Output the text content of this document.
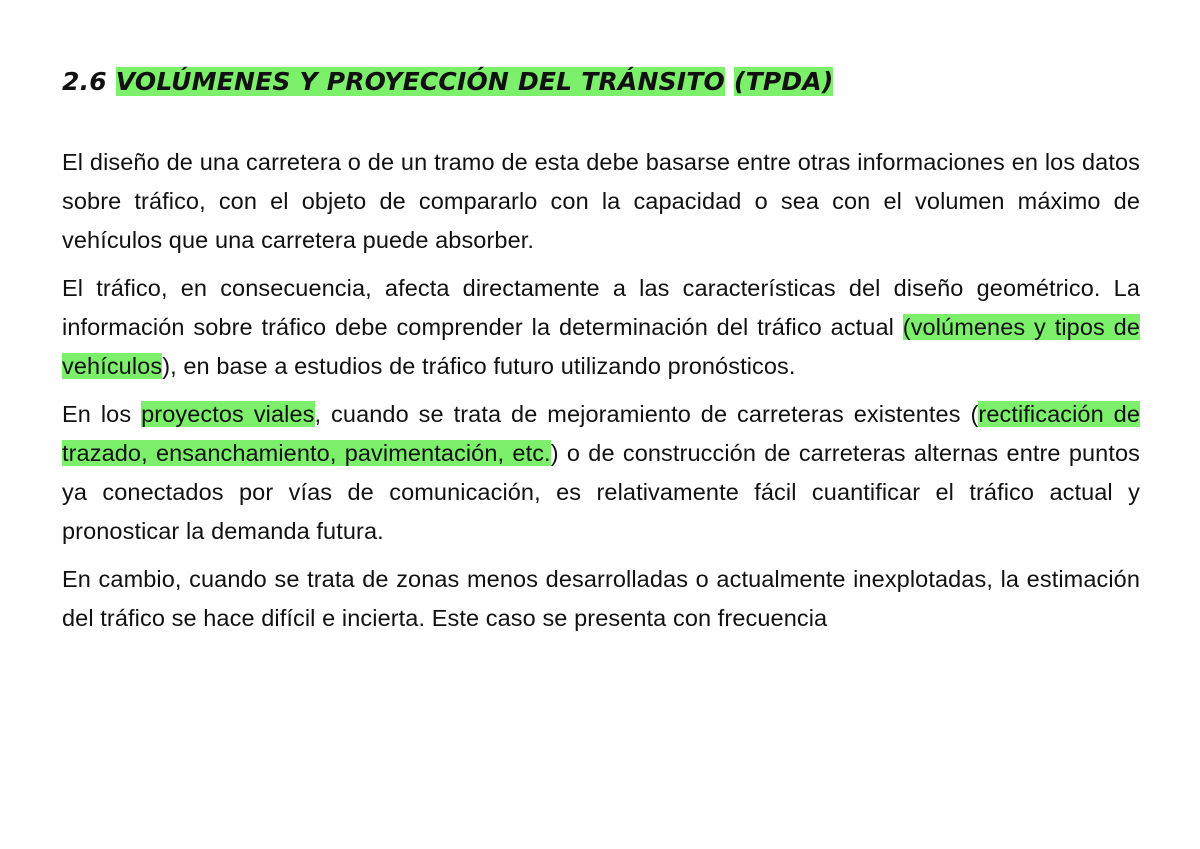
2.6 VOLÚMENES Y PROYECCIÓN DEL TRÁNSITO (TPDA)

El diseño de una carretera o de un tramo de esta debe basarse entre otras informaciones en los datos sobre tráfico, con el objeto de compararlo con la capacidad o sea con el volumen máximo de vehículos que una carretera puede absorber.

El tráfico, en consecuencia, afecta directamente a las características del diseño geométrico. La información sobre tráfico debe comprender la determinación del tráfico actual (volúmenes y tipos de vehículos), en base a estudios de tráfico futuro utilizando pronósticos.

En los proyectos viales, cuando se trata de mejoramiento de carreteras existentes (rectificación de trazado, ensanchamiento, pavimentación, etc.) o de construcción de carreteras alternas entre puntos ya conectados por vías de comunicación, es relativamente fácil cuantificar el tráfico actual y pronosticar la demanda futura.

En cambio, cuando se trata de zonas menos desarrolladas o actualmente inexplotadas, la estimación del tráfico se hace difícil e incierta. Este caso se presenta con frecuencia
